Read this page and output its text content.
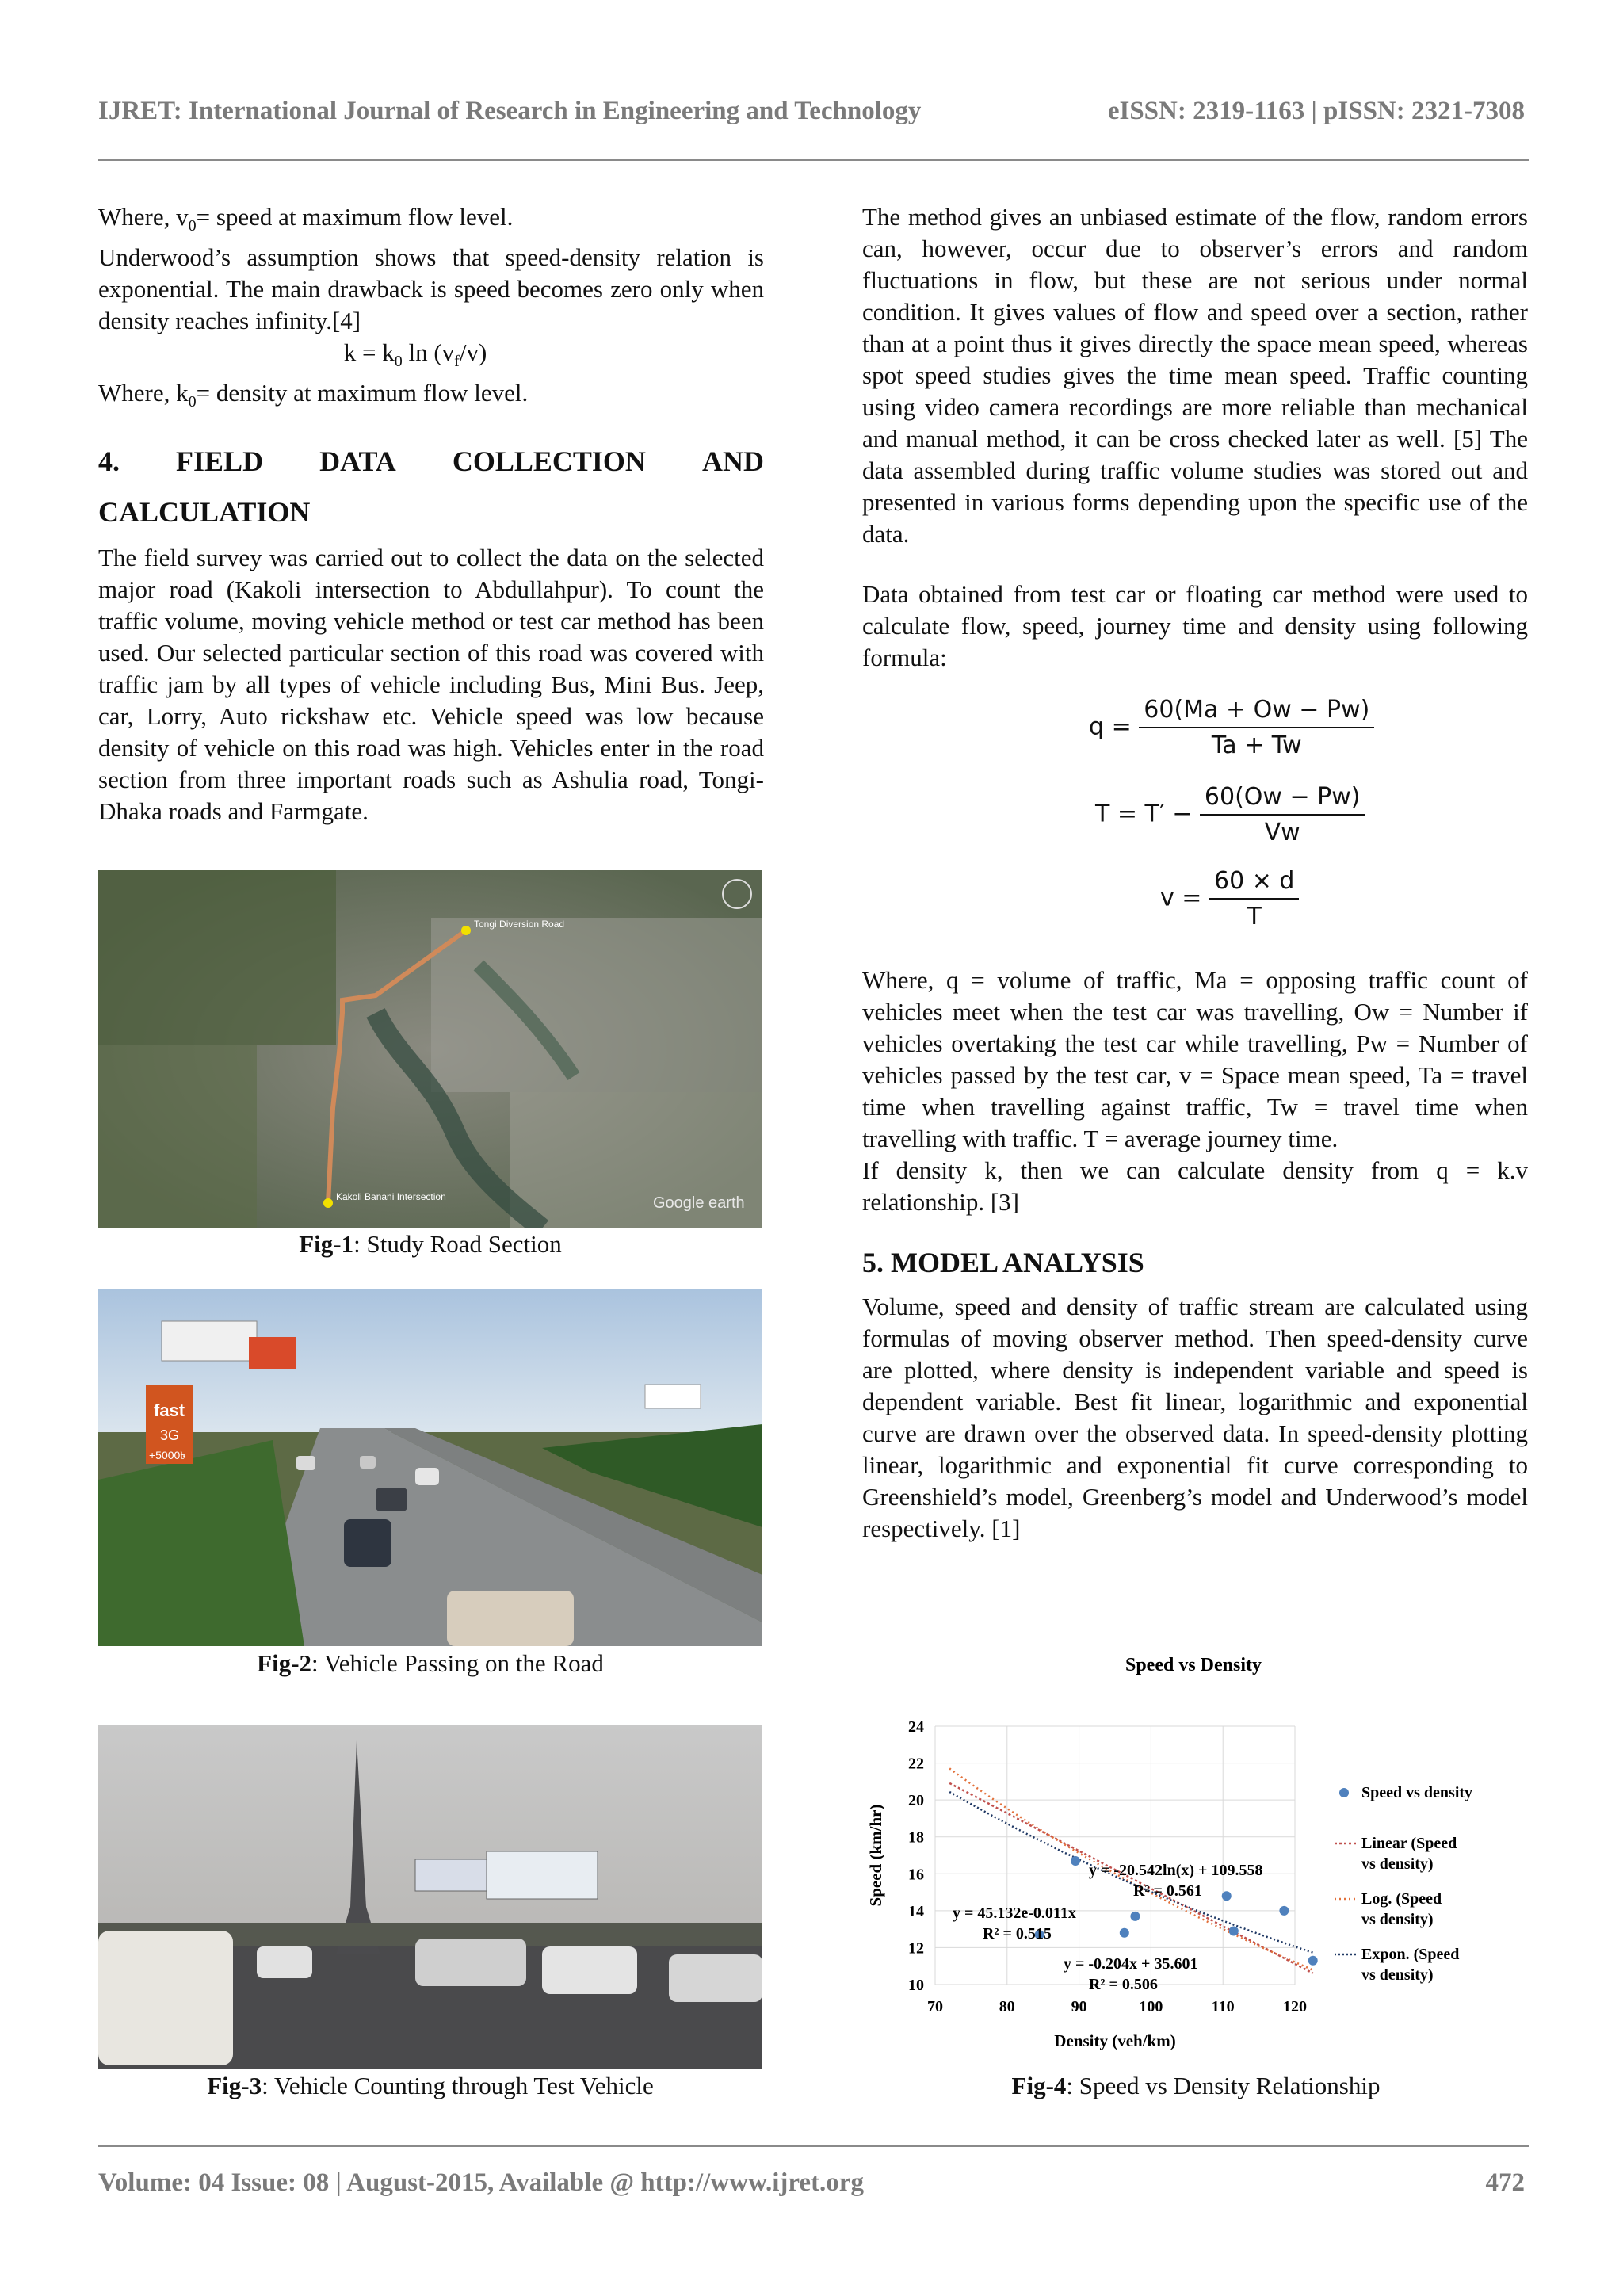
IJRET: International Journal of Research in Engineering and Technology	eISSN: 2319-1163 | pISSN: 2321-7308

Where, $v_0=$ speed at maximum flow level.

Underwood’s assumption shows that speed-density relation is exponential. The main drawback is speed becomes zero only when density reaches infinity.[4]

$k = k_0$ $\ln (v_f/v)$

Where, $k_0=$ density at maximum flow level.

4. FIELD DATA COLLECTION AND
CALCULATION

The field survey was carried out to collect the data on the selected major road (Kakoli intersection to Abdullahpur). To count the traffic volume, moving vehicle method or test car method has been used. Our selected particular section of this road was covered with traffic jam by all types of vehicle including Bus, Mini Bus. Jeep, car, Lorry, Auto rickshaw etc. Vehicle speed was low because density of vehicle on this road was high. Vehicles enter in the road section from three important roads such as Ashulia road, Tongi-Dhaka roads and Farmgate.

Tongi Diversion Road
Kakoli Banani Intersection	Google earth
Fig-1: Study Road Section
fast
3G
+5000৳
Fig-2: Vehicle Passing on the Road
Fig-3: Vehicle Counting through Test Vehicle

The method gives an unbiased estimate of the flow, random errors can, however, occur due to observer’s errors and random fluctuations in flow, but these are not serious under normal condition. It gives values of flow and speed over a section, rather than at a point thus it gives directly the space mean speed, whereas spot speed studies gives the time mean speed. Traffic counting using video camera recordings are more reliable than mechanical and manual method, it can be cross checked later as well. [5] The data assembled during traffic volume studies was stored out and presented in various forms depending upon the specific use of the data.

Data obtained from test car or floating car method were used to calculate flow, speed, journey time and density using following formula:

$q = \frac{60(Ma + Ow - Pw)}{Ta + Tw}$
$T = T' - \frac{60(Ow - Pw)}{Vw}$
$v = \frac{60 \times d}{T}$

Where, q = volume of traffic, Ma = opposing traffic count of vehicles meet when the test car was travelling, Ow = Number if vehicles overtaking the test car while travelling, Pw = Number of vehicles passed by the test car, v = Space mean speed, Ta = travel time when travelling against traffic, Tw = travel time when travelling with traffic. T = average journey time.

If density k, then we can calculate density from q = k.v relationship. [3]

5. MODEL ANALYSIS

Volume, speed and density of traffic stream are calculated using formulas of moving observer method. Then speed-density curve are plotted, where density is independent variable and speed is dependent variable. Best fit linear, logarithmic and exponential curve are drawn over the observed data. In speed-density plotting linear, logarithmic and exponential fit curve corresponding to Greenshield’s model, Greenberg’s model and Underwood’s model respectively. [1]

Speed vs Density
10
12
14
16
18
20
22
24
70	80	90	100	110	120
Density (veh/km)
Speed (km/hr)	y = -20.542ln(x) + 109.558
R² = 0.561
y = 45.132e-0.011x
R² = 0.515
y = -0.204x + 35.601
R² = 0.506
Speed vs density
Linear (Speed
vs density)
Log. (Speed
vs density)
Expon. (Speed
vs density)
Fig-4: Speed vs Density Relationship
Volume: 04 Issue: 08 | August-2015, Available @ http://www.ijret.org	472
